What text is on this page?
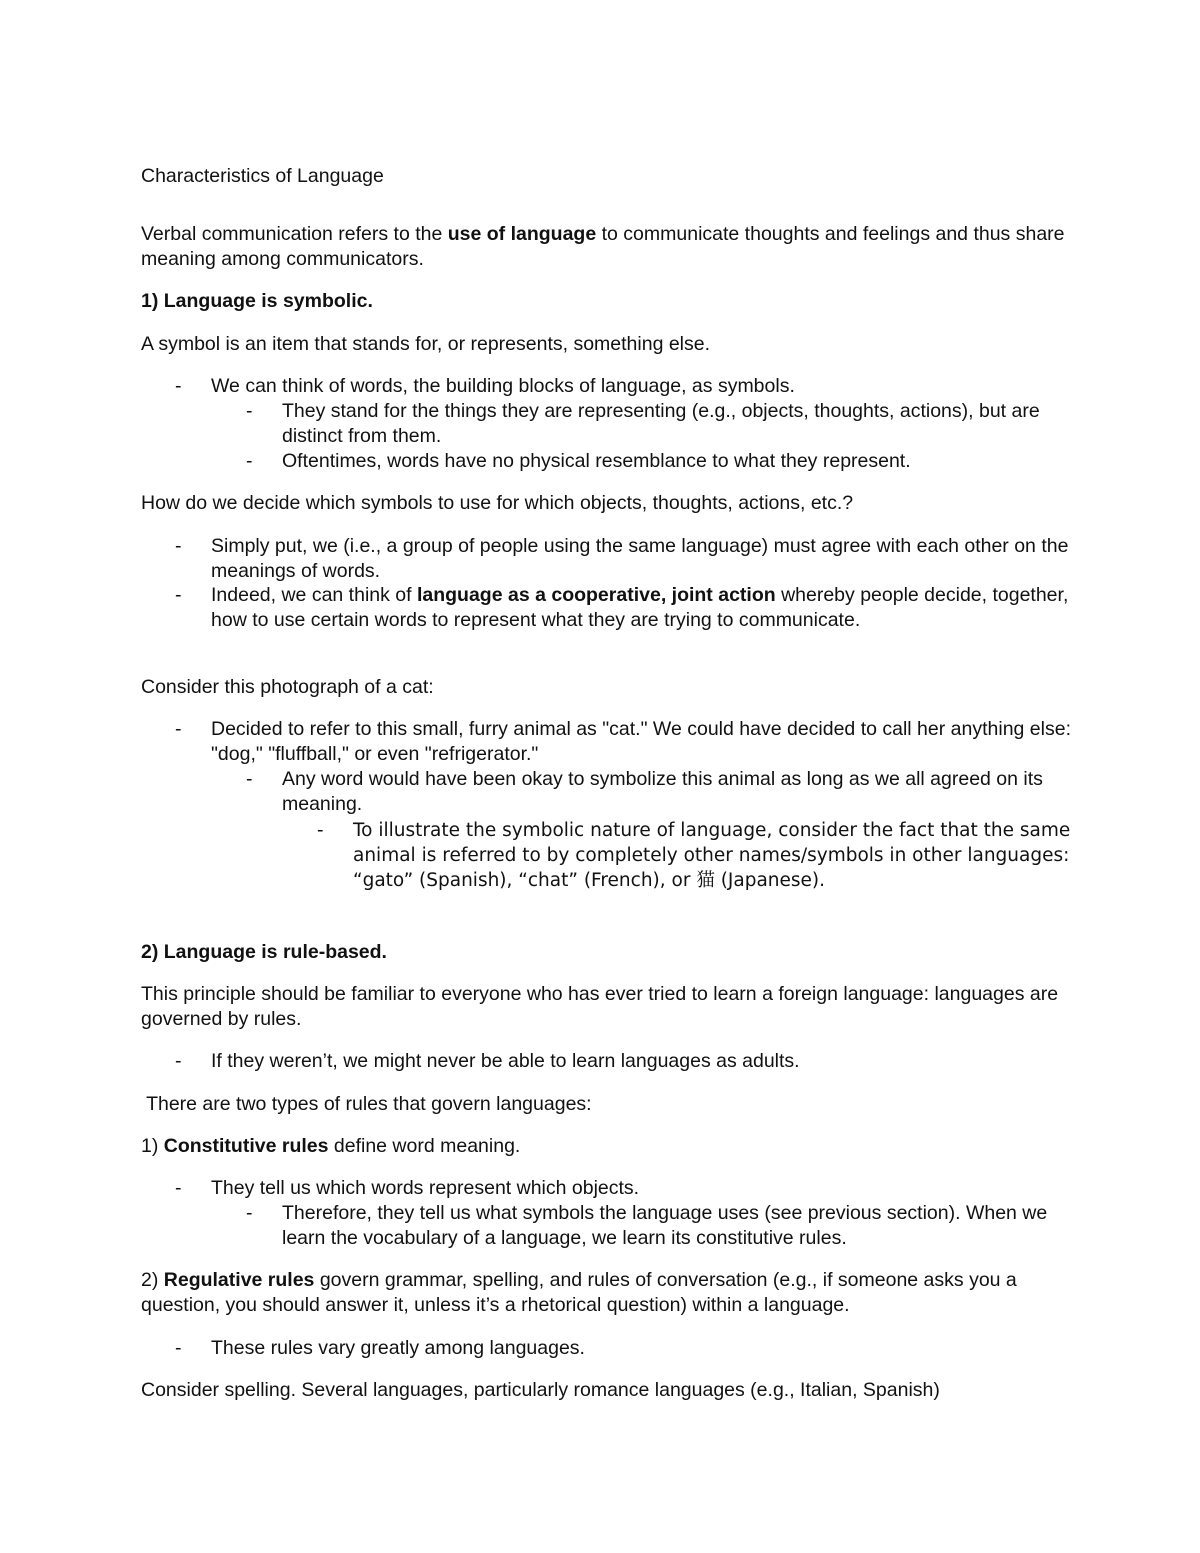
Characteristics of Language

Verbal communication refers to the use of language to communicate thoughts and feelings and thus share meaning among communicators.

1) Language is symbolic.

A symbol is an item that stands for, or represents, something else.

- We can think of words, the building blocks of language, as symbols.
- They stand for the things they are representing (e.g., objects, thoughts, actions), but are distinct from them.
- Oftentimes, words have no physical resemblance to what they represent.

How do we decide which symbols to use for which objects, thoughts, actions, etc.?

- Simply put, we (i.e., a group of people using the same language) must agree with each other on the meanings of words.
- Indeed, we can think of language as a cooperative, joint action whereby people decide, together, how to use certain words to represent what they are trying to communicate.

Consider this photograph of a cat:

- Decided to refer to this small, furry animal as "cat." We could have decided to call her anything else: "dog," "fluffball," or even "refrigerator."
- Any word would have been okay to symbolize this animal as long as we all agreed on its meaning.
- To illustrate the symbolic nature of language, consider the fact that the same animal is referred to by completely other names/symbols in other languages: “gato” (Spanish), “chat” (French), or 猫 (Japanese).

2) Language is rule-based.

This principle should be familiar to everyone who has ever tried to learn a foreign language: languages are governed by rules.

- If they weren’t, we might never be able to learn languages as adults.

There are two types of rules that govern languages:

1) Constitutive rules define word meaning.

- They tell us which words represent which objects.
- Therefore, they tell us what symbols the language uses (see previous section). When we learn the vocabulary of a language, we learn its constitutive rules.

2) Regulative rules govern grammar, spelling, and rules of conversation (e.g., if someone asks you a question, you should answer it, unless it’s a rhetorical question) within a language.

- These rules vary greatly among languages.

Consider spelling. Several languages, particularly romance languages (e.g., Italian, Spanish)
